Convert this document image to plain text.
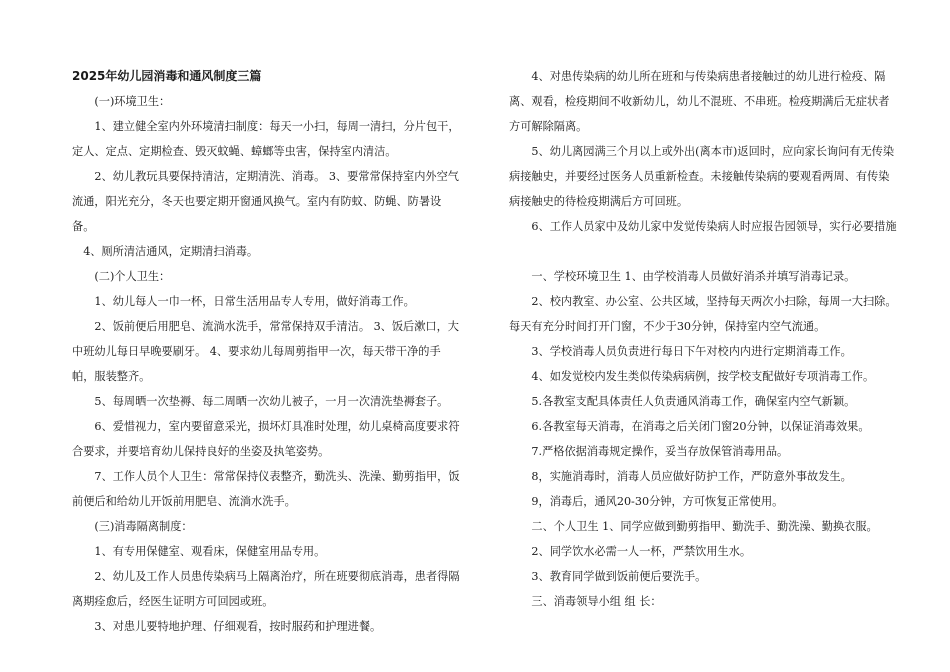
2025年幼儿园消毒和通风制度三篇

(一)环境卫生：

1、建立健全室内外环境清扫制度：每天一小扫，每周一清扫，分片包干，定人、定点、定期检查、毁灭蚊蝇、蟑螂等虫害，保持室内清洁。

2、幼儿教玩具要保持清洁，定期清洗、消毒。 3、要常常保持室内外空气流通，阳光充分，冬天也要定期开窗通风换气。室内有防蚊、防蝇、防暑设备。

4、厕所清洁通风，定期清扫消毒。

(二)个人卫生：

1、幼儿每人一巾一杯，日常生活用品专人专用，做好消毒工作。

2、饭前便后用肥皂、流淌水洗手，常常保持双手清洁。 3、饭后漱口，大中班幼儿每日早晚要刷牙。 4、要求幼儿每周剪指甲一次，每天带干净的手帕，服装整齐。

5、每周晒一次垫褥、每二周晒一次幼儿被子，一月一次清洗垫褥套子。

6、爱惜视力，室内要留意采光，损坏灯具准时处理，幼儿桌椅高度要求符合要求，并要培育幼儿保持良好的坐姿及执笔姿势。

7、工作人员个人卫生：常常保持仪表整齐，勤洗头、洗澡、勤剪指甲，饭前便后和给幼儿开饭前用肥皂、流淌水洗手。

(三)消毒隔离制度：

1、有专用保健室、观看床，保健室用品专用。

2、幼儿及工作人员患传染病马上隔离治疗，所在班要彻底消毒，患者得隔离期痊愈后，经医生证明方可回园或班。

3、对患儿要特地护理、仔细观看，按时服药和护理进餐。

4、对患传染病的幼儿所在班和与传染病患者接触过的幼儿进行检疫、隔离、观看，检疫期间不收新幼儿，幼儿不混班、不串班。检疫期满后无症状者方可解除隔离。

5、幼儿离园满三个月以上或外出(离本市)返回时，应向家长询问有无传染病接触史，并要经过医务人员重新检查。未接触传染病的要观看两周、有传染病接触史的待检疫期满后方可回班。

6、工作人员家中及幼儿家中发觉传染病人时应报告园领导，实行必要措施

一、学校环境卫生 1、由学校消毒人员做好消杀并填写消毒记录。

2、校内教室、办公室、公共区域，坚持每天两次小扫除，每周一大扫除。每天有充分时间打开门窗，不少于30分钟，保持室内空气流通。

3、学校消毒人员负责进行每日下午对校内内进行定期消毒工作。

4、如发觉校内发生类似传染病病例，按学校支配做好专项消毒工作。

5.各教室支配具体责任人负责通风消毒工作，确保室内空气新颖。

6.各教室每天消毒，在消毒之后关闭门窗20分钟，以保证消毒效果。

7.严格依据消毒规定操作，妥当存放保管消毒用品。

8，实施消毒时，消毒人员应做好防护工作，严防意外事故发生。

9，消毒后，通风20-30分钟，方可恢复正常使用。

二、个人卫生 1、同学应做到勤剪指甲、勤洗手、勤洗澡、勤换衣服。

2、同学饮水必需一人一杯，严禁饮用生水。

3、教育同学做到饭前便后要洗手。

三、消毒领导小组 组 长：
